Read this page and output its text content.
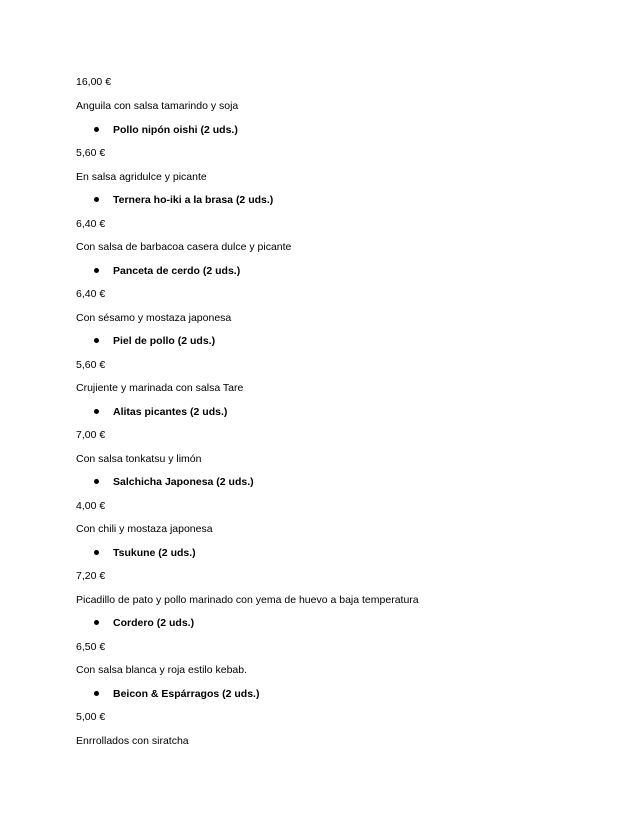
16,00 €
Anguila con salsa tamarindo y soja
Pollo nipón oishi (2 uds.)
5,60 €
En salsa agridulce y picante
Ternera ho-iki a la brasa (2 uds.)
6,40 €
Con salsa de barbacoa casera dulce y picante
Panceta de cerdo (2 uds.)
6,40 €
Con sésamo y mostaza japonesa
Piel de pollo (2 uds.)
5,60 €
Crujiente y marinada con salsa Tare
Alitas picantes (2 uds.)
7,00 €
Con salsa tonkatsu y limón
Salchicha Japonesa (2 uds.)
4,00 €
Con chili y mostaza japonesa
Tsukune (2 uds.)
7,20 €
Picadillo de pato y pollo marinado con yema de huevo a baja temperatura
Cordero (2 uds.)
6,50 €
Con salsa blanca y roja estilo kebab.
Beicon & Espárragos (2 uds.)
5,00 €
Enrrollados con siratcha
